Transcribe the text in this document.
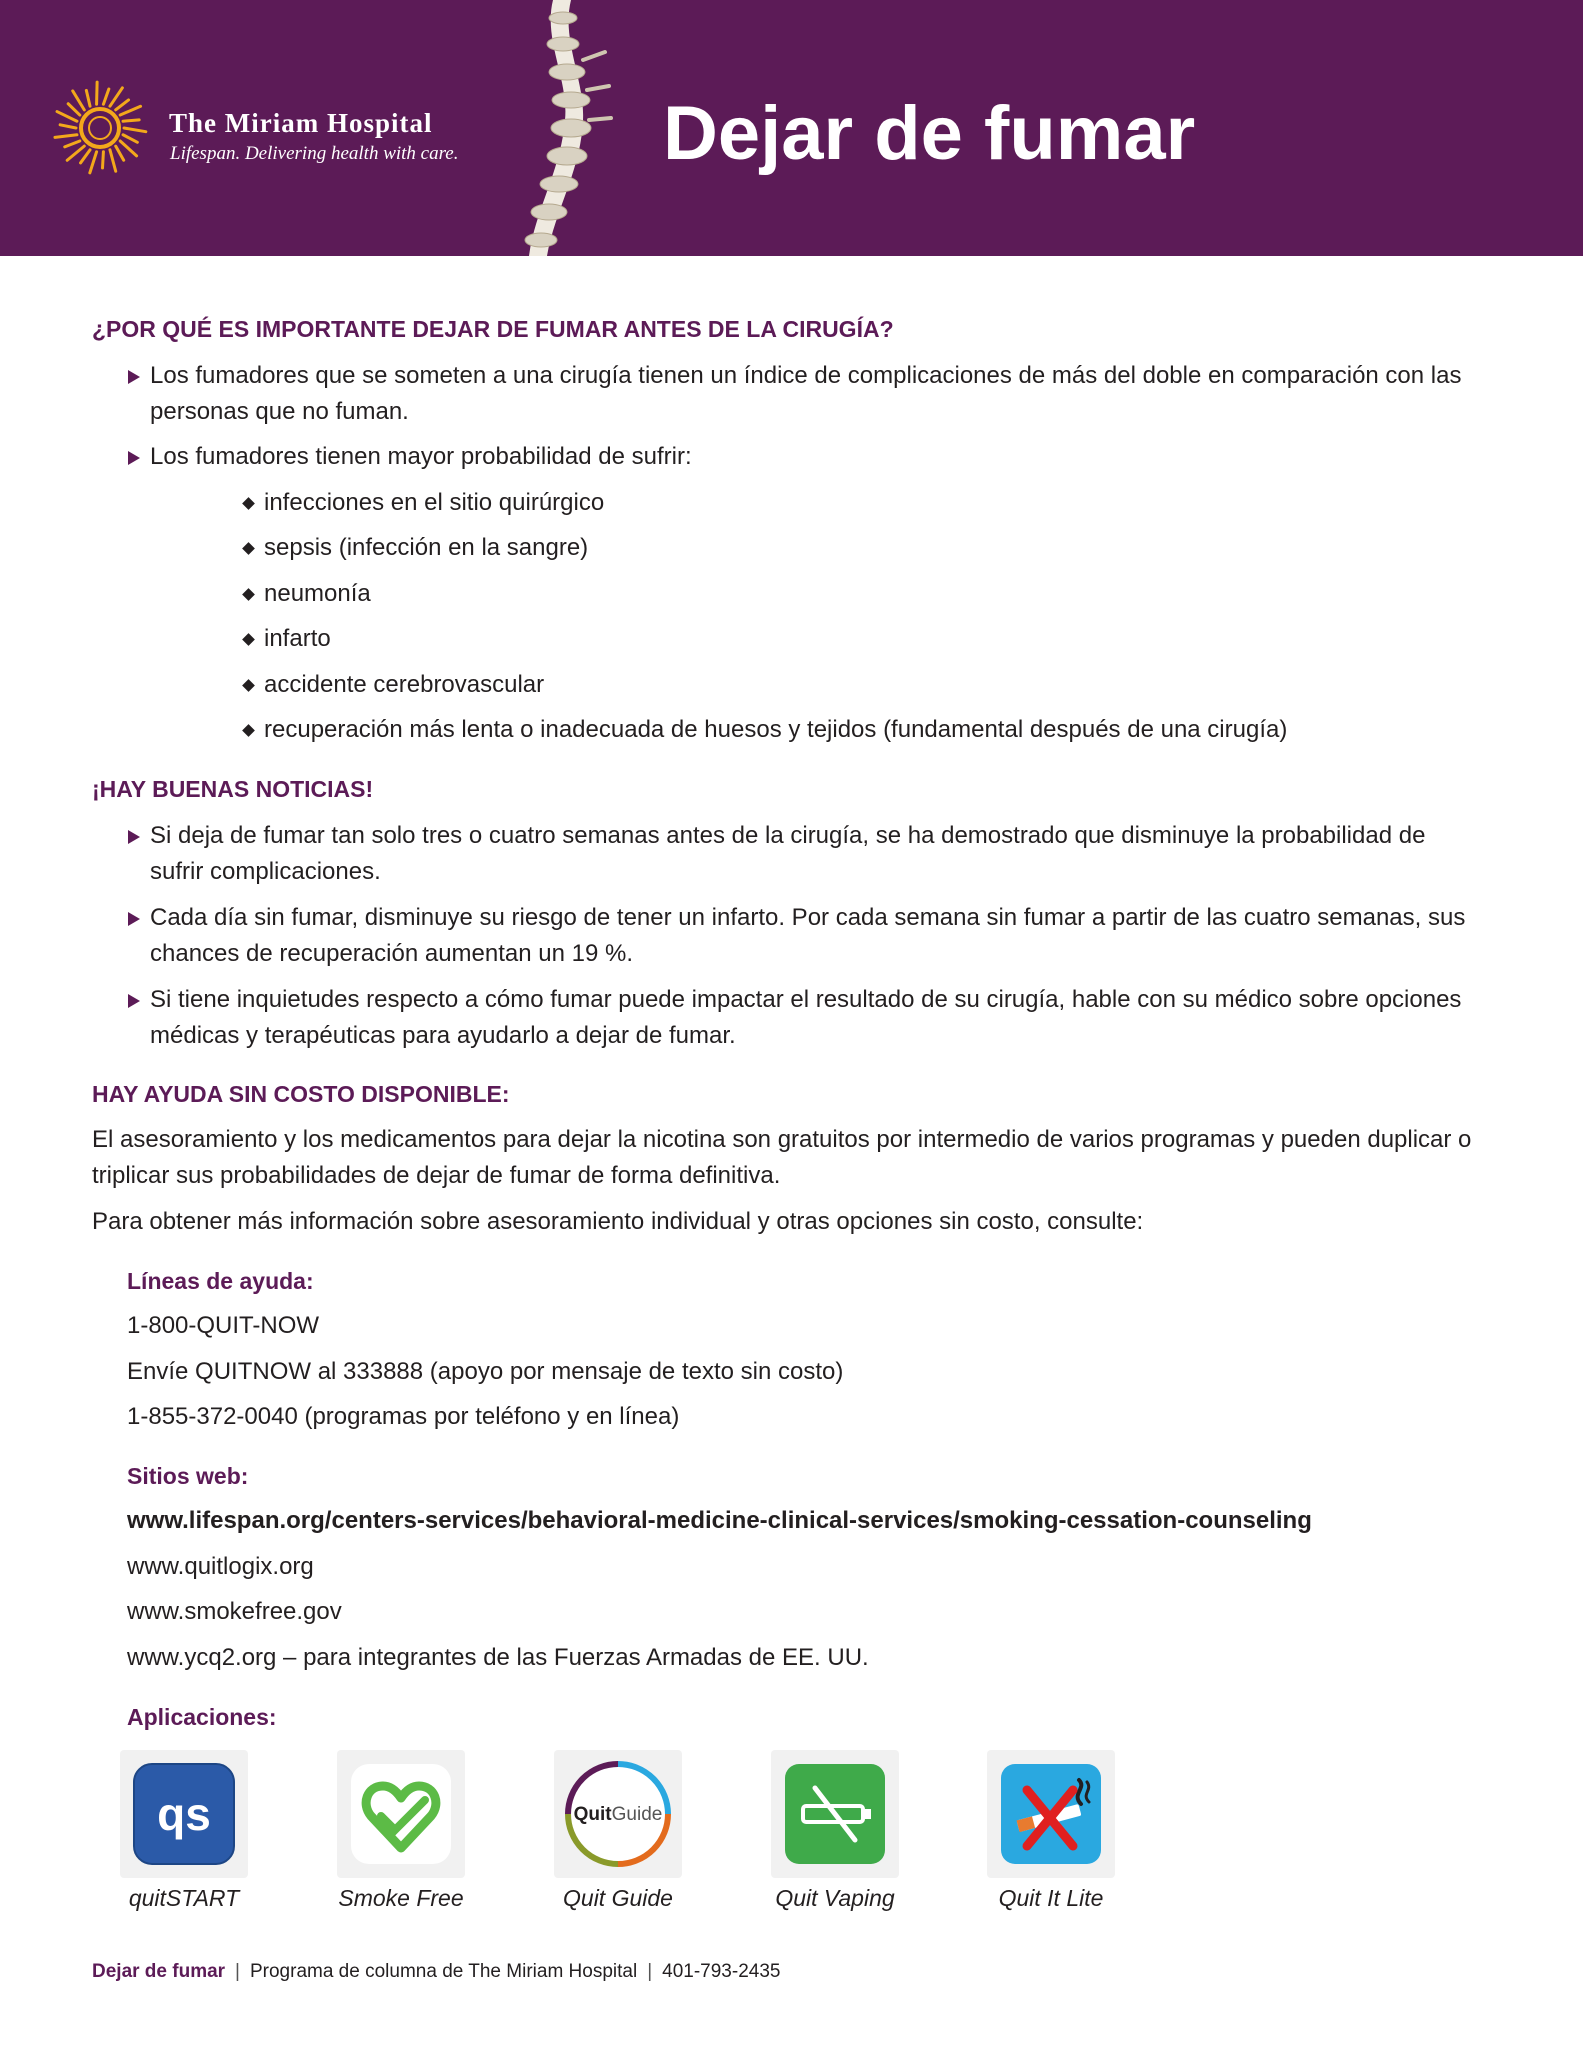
The Miriam Hospital
Lifespan. Delivering health with care.	Dejar de fumar
¿POR QUÉ ES IMPORTANTE DEJAR DE FUMAR ANTES DE LA CIRUGÍA?
Los fumadores que se someten a una cirugía tienen un índice de complicaciones de más del doble en comparación con las personas que no fuman.
Los fumadores tienen mayor probabilidad de sufrir:
infecciones en el sitio quirúrgico
sepsis (infección en la sangre)
neumonía
infarto
accidente cerebrovascular
recuperación más lenta o inadecuada de huesos y tejidos (fundamental después de una cirugía)
¡HAY BUENAS NOTICIAS!
Si deja de fumar tan solo tres o cuatro semanas antes de la cirugía, se ha demostrado que disminuye la probabilidad de sufrir complicaciones.
Cada día sin fumar, disminuye su riesgo de tener un infarto. Por cada semana sin fumar a partir de las cuatro semanas, sus chances de recuperación aumentan un 19 %.
Si tiene inquietudes respecto a cómo fumar puede impactar el resultado de su cirugía, hable con su médico sobre opciones médicas y terapéuticas para ayudarlo a dejar de fumar.
HAY AYUDA SIN COSTO DISPONIBLE:
El asesoramiento y los medicamentos para dejar la nicotina son gratuitos por intermedio de varios programas y pueden duplicar o triplicar sus probabilidades de dejar de fumar de forma definitiva.
Para obtener más información sobre asesoramiento individual y otras opciones sin costo, consulte:
Líneas de ayuda:
1-800-QUIT-NOW
Envíe QUITNOW al 333888 (apoyo por mensaje de texto sin costo)
1-855-372-0040 (programas por teléfono y en línea)
Sitios web:
www.lifespan.org/centers-services/behavioral-medicine-clinical-services/smoking-cessation-counseling
www.quitlogix.org
www.smokefree.gov
www.ycq2.org – para integrantes de las Fuerzas Armadas de EE. UU.
Aplicaciones:
qs
quitSTART	Smoke Free
QuitGuide
Quit Guide	Quit Vaping	Quit It Lite
Dejar de fumar | Programa de columna de The Miriam Hospital | 401-793-2435
